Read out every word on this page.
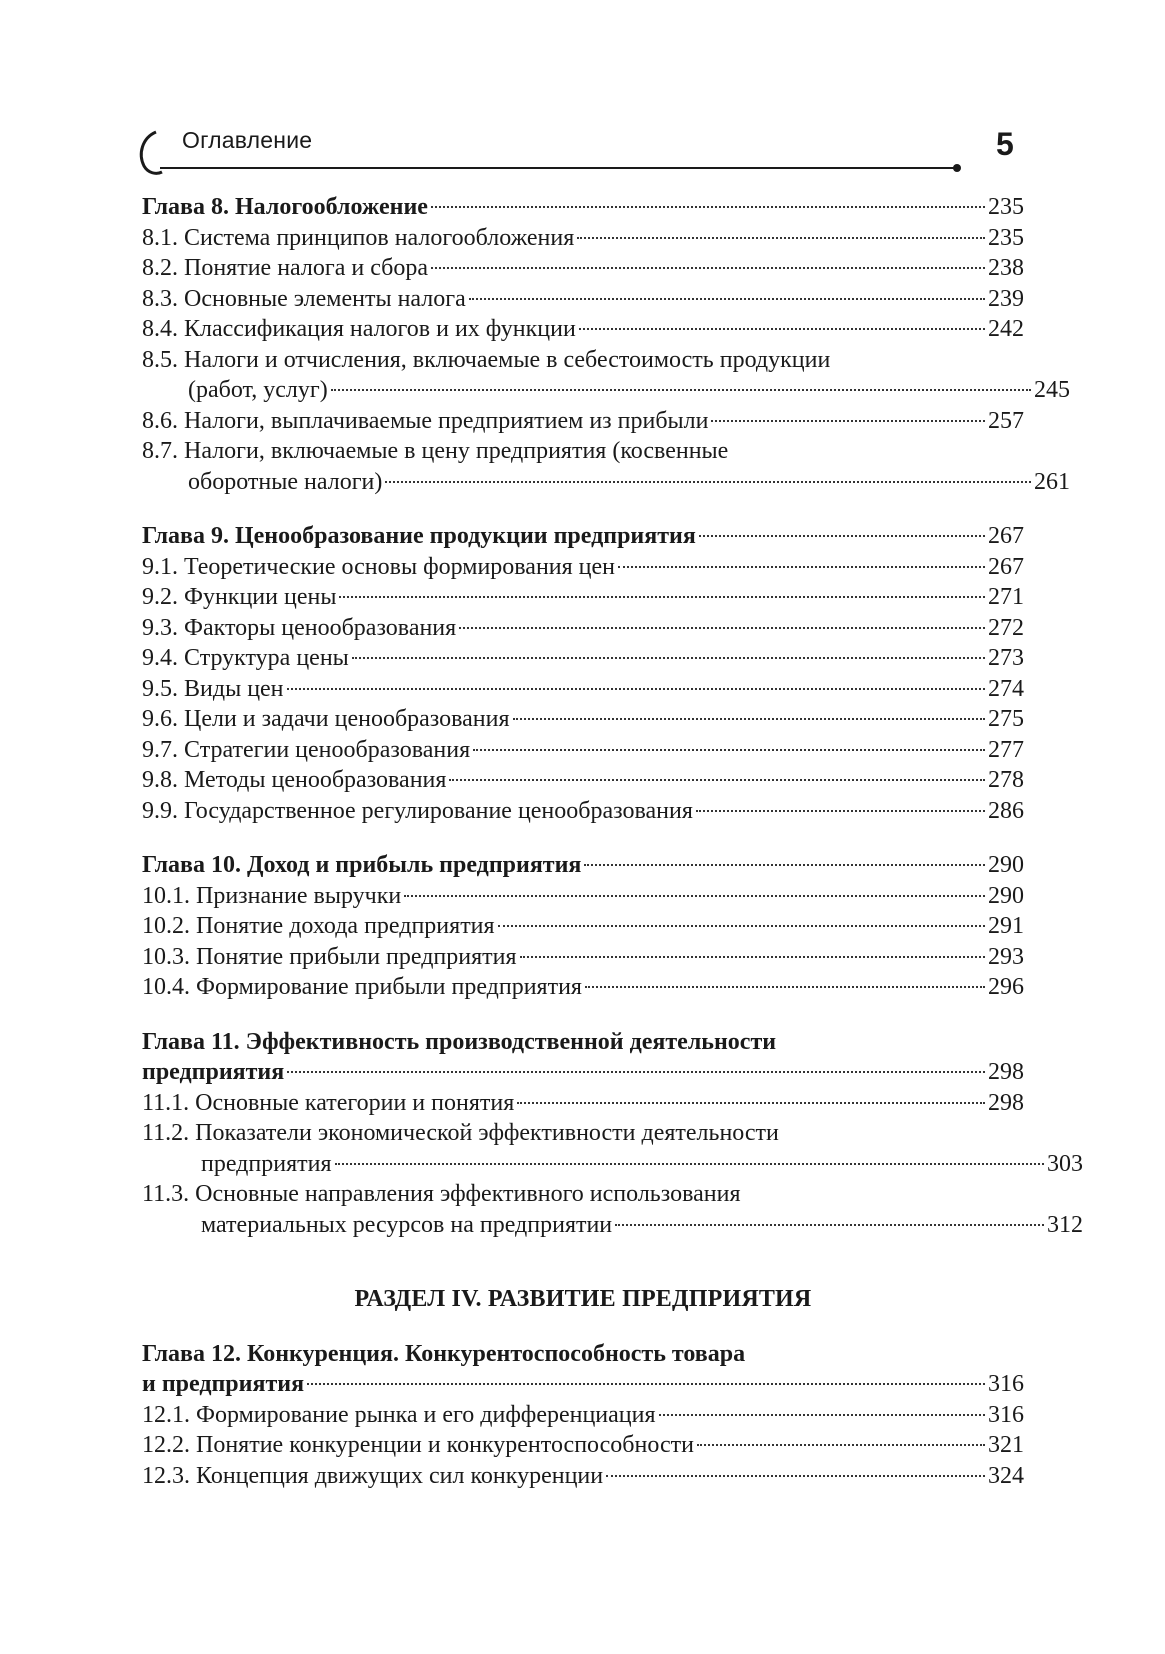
Оглавление	5
Глава 8. Налогообложение	235
8.1. Система принципов налогообложения	235
8.2. Понятие налога и сбора	238
8.3. Основные элементы налога	239
8.4. Классификация налогов и их функции	242
8.5. Налоги и отчисления, включаемые в себестоимость продукции
(работ, услуг)	245
8.6. Налоги, выплачиваемые предприятием из прибыли	257
8.7. Налоги, включаемые в цену предприятия (косвенные
оборотные налоги)	261
Глава 9. Ценообразование продукции предприятия	267
9.1. Теоретические основы формирования цен	267
9.2. Функции цены	271
9.3. Факторы ценообразования	272
9.4. Структура цены	273
9.5. Виды цен	274
9.6. Цели и задачи ценообразования	275
9.7. Стратегии ценообразования	277
9.8. Методы ценообразования	278
9.9. Государственное регулирование ценообразования	286
Глава 10. Доход и прибыль предприятия	290
10.1. Признание выручки	290
10.2. Понятие дохода предприятия	291
10.3. Понятие прибыли предприятия	293
10.4. Формирование прибыли предприятия	296
Глава 11. Эффективность производственной деятельности
предприятия	298
11.1. Основные категории и понятия	298
11.2. Показатели экономической эффективности деятельности
предприятия	303
11.3. Основные направления эффективного использования
материальных ресурсов на предприятии	312
РАЗДЕЛ IV. РАЗВИТИЕ ПРЕДПРИЯТИЯ
Глава 12. Конкуренция. Конкурентоспособность товара
и предприятия	316
12.1. Формирование рынка и его дифференциация	316
12.2. Понятие конкуренции и конкурентоспособности	321
12.3. Концепция движущих сил конкуренции	324
